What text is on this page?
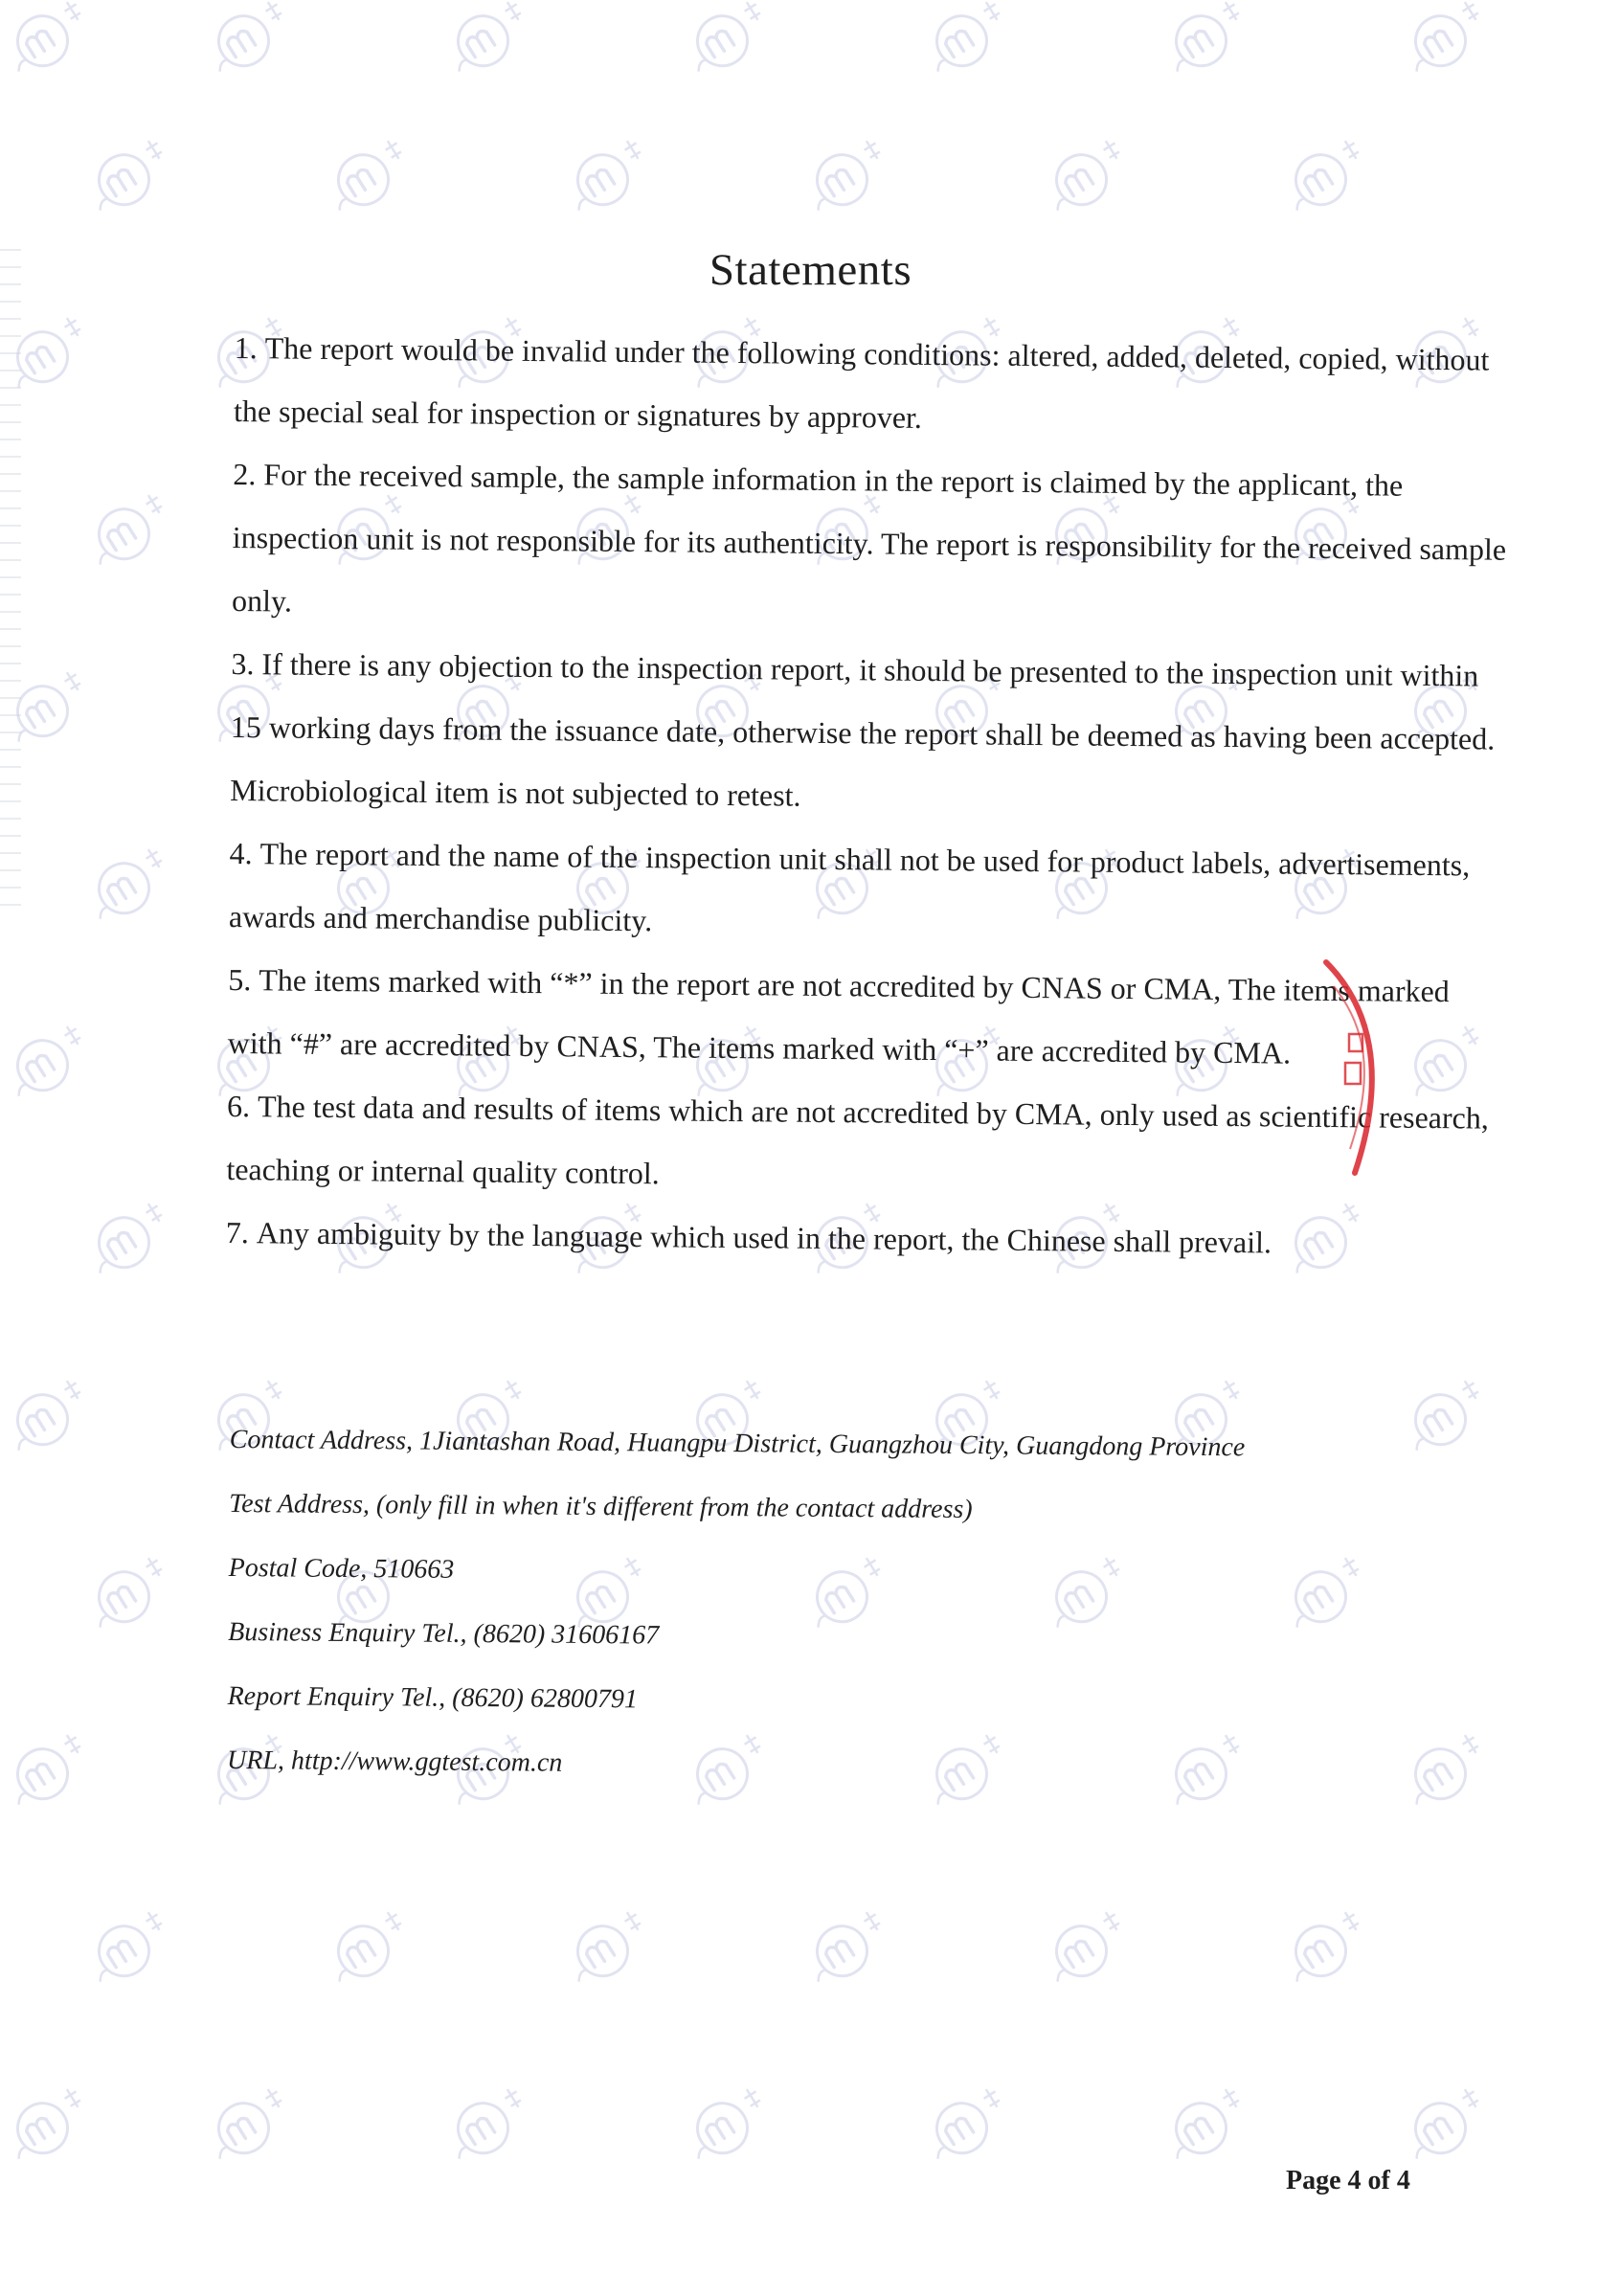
Statements
1. The report would be invalid under the following conditions: altered, added, deleted, copied, without the special seal for inspection or signatures by approver.
2. For the received sample, the sample information in the report is claimed by the applicant, the inspection unit is not responsible for its authenticity. The report is responsibility for the received sample only.
3. If there is any objection to the inspection report, it should be presented to the inspection unit within 15 working days from the issuance date, otherwise the report shall be deemed as having been accepted. Microbiological item is not subjected to retest.
4. The report and the name of the inspection unit shall not be used for product labels, advertisements, awards and merchandise publicity.
5. The items marked with “*” in the report are not accredited by CNAS or CMA, The items marked with “#” are accredited by CNAS, The items marked with “+” are accredited by CMA.
6. The test data and results of items which are not accredited by CMA, only used as scientific research, teaching or internal quality control.
7. Any ambiguity by the language which used in the report, the Chinese shall prevail.
Contact Address, 1Jiantashan Road, Huangpu District, Guangzhou City, Guangdong Province
Test Address, (only fill in when it's different from the contact address)
Postal Code, 510663
Business Enquiry Tel., (8620) 31606167
Report Enquiry Tel., (8620) 62800791
URL, http://www.ggtest.com.cn
Page 4 of 4
